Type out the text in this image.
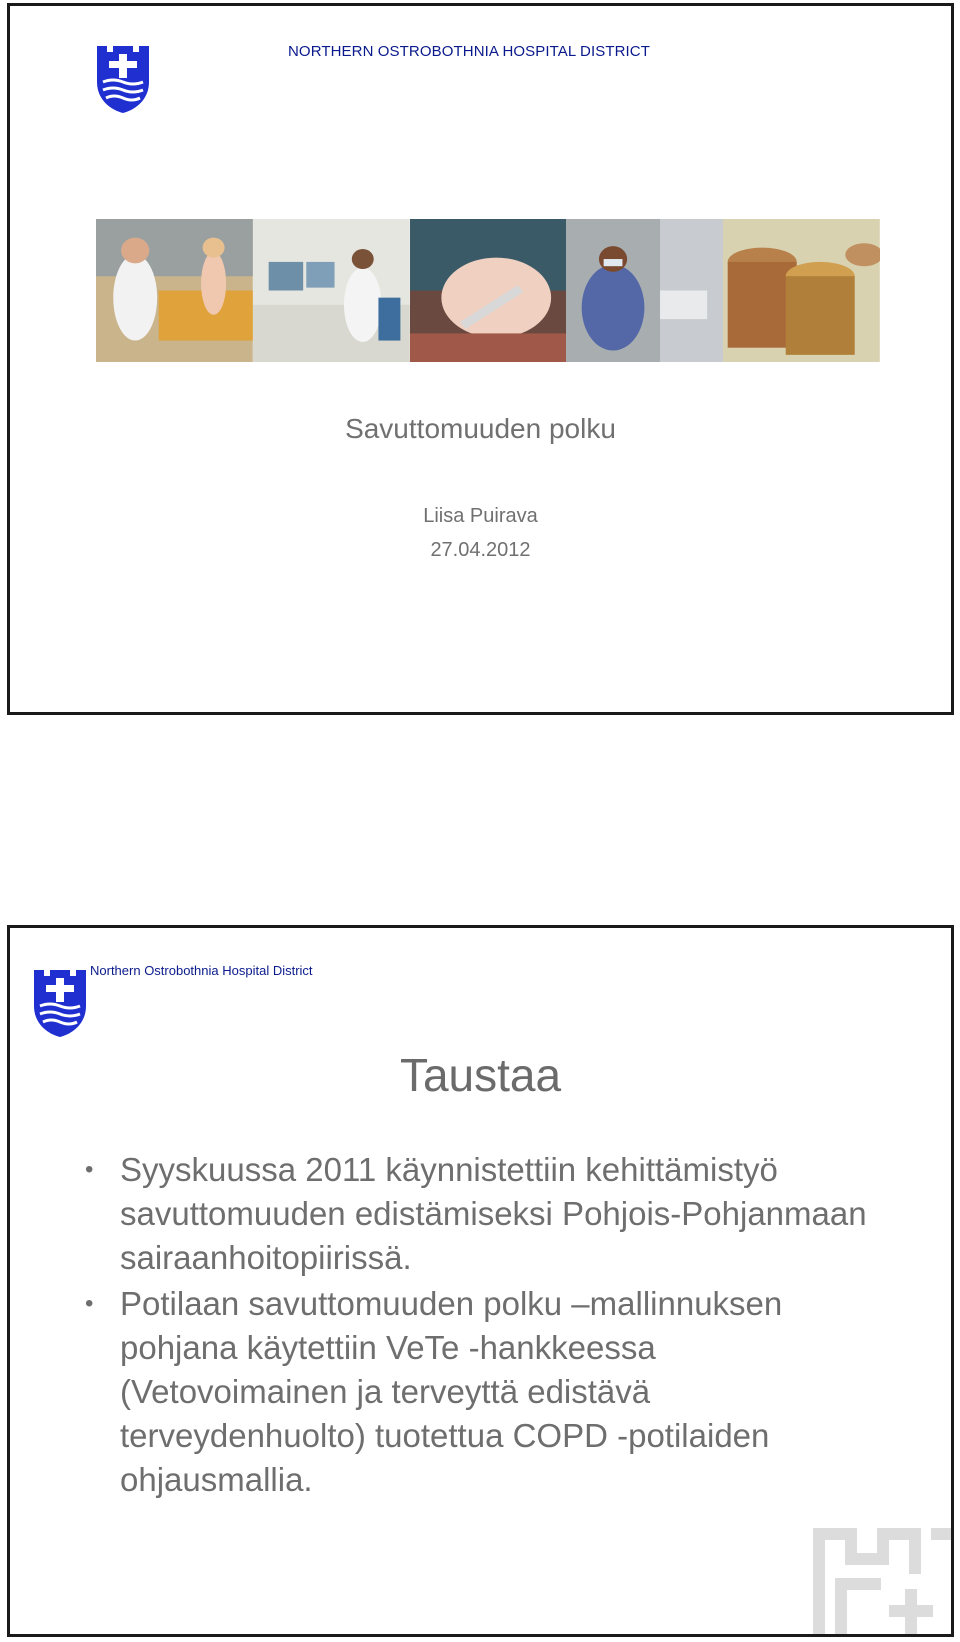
NORTHERN OSTROBOTHNIA HOSPITAL DISTRICT
Savuttomuuden polku
Liisa Puirava
27.04.2012
Northern Ostrobothnia Hospital District
Taustaa
• Syyskuussa 2011 käynnistettiin kehittämistyö savuttomuuden edistämiseksi Pohjois-Pohjanmaan sairaanhoitopiirissä.
• Potilaan savuttomuuden polku –mallinnuksen pohjana käytettiin VeTe -hankkeessa (Vetovoimainen ja terveyttä edistävä terveydenhuolto) tuotettua COPD -potilaiden ohjausmallia.
